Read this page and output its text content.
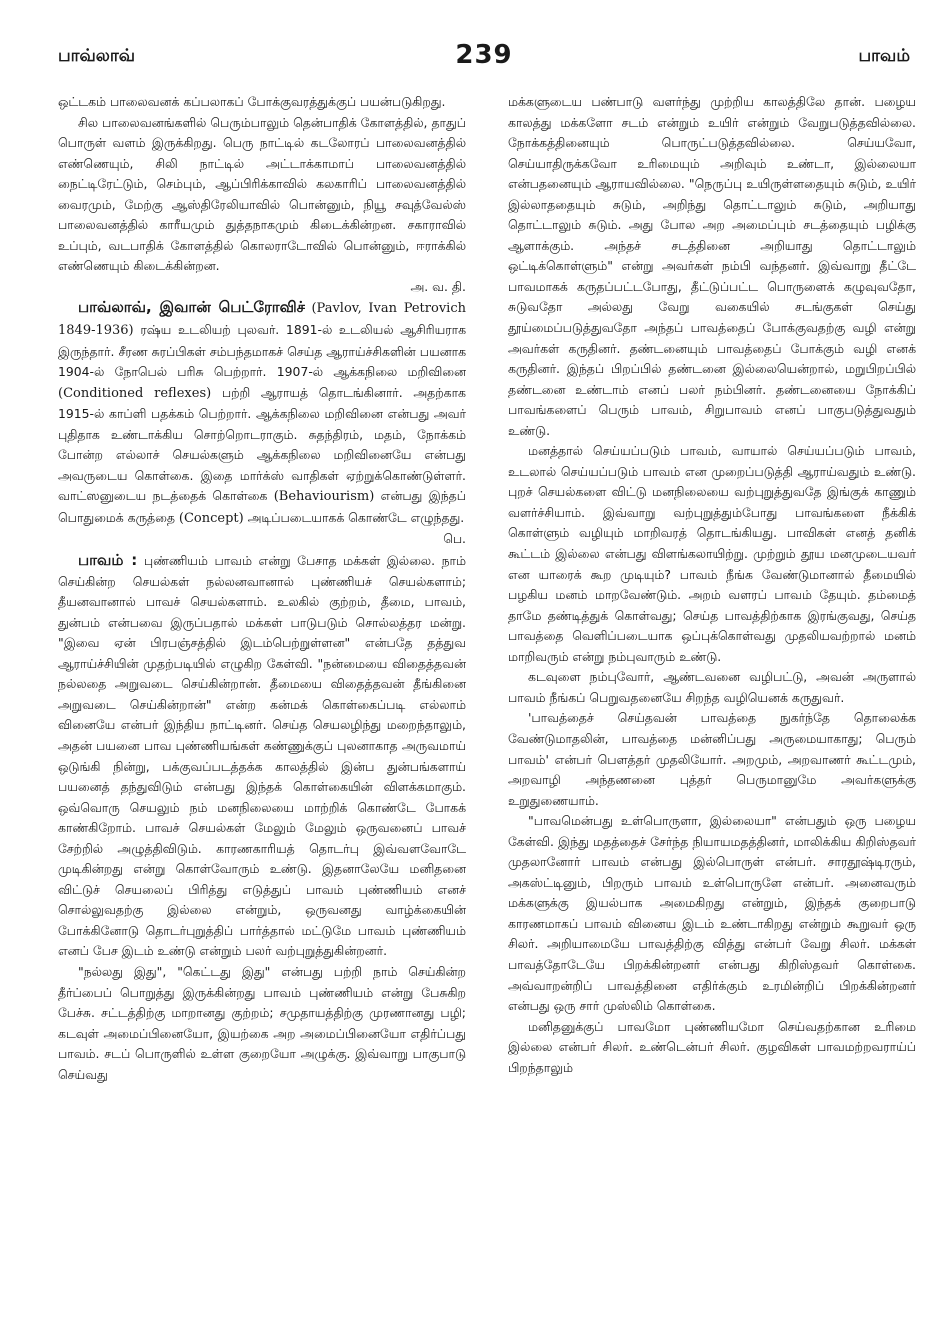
பாவ்லாவ்	239	பாவம்

ஒட்டகம் பாலைவனக் கப்பலாகப் போக்குவரத்துக்குப் பயன்படுகிறது.

சில பாலைவனங்களில் பெரும்பாலும் தென்பாதிக் கோளத்தில், தாதுப் பொருள் வளம் இருக்கிறது. பெரு நாட்டில் கடலோரப் பாலைவனத்தில் எண்ணெயும், சிலி நாட்டில் அட்டாக்காமாப் பாலைவனத்தில் நைட்டிரேட்டும், செம்பும், ஆப்பிரிக்காவில் கலகாரிப் பாலைவனத்தில் வைரமும், மேற்கு ஆஸ்திரேலியாவில் பொன்னும், நியூ சவுத்வேல்ஸ் பாலைவனத்தில் காரீயமும் துத்தநாகமும் கிடைக்கின்றன. சகாராவில் உப்பும், வடபாதிக் கோளத்தில் கொலராடோவில் பொன்னும், ஈராக்கில் எண்ணெயும் கிடைக்கின்றன.
அ. வ. தி.

பாவ்லாவ், இவான் பெட்ரோவிச் (Pavlov, Ivan Petrovich 1849-1936) ரஷ்ய உடலியற் புலவர். 1891-ல் உடலியல் ஆசிரியராக இருந்தார். சீரண சுரப்பிகள் சம்பந்தமாகச் செய்த ஆராய்ச்சிகளின் பயனாக 1904-ல் நோபெல் பரிசு பெற்றார். 1907-ல் ஆக்கநிலை மறிவினை (Conditioned reflexes) பற்றி ஆராயத் தொடங்கினார். அதற்காக 1915-ல் காப்ளி பதக்கம் பெற்றார். ஆக்கநிலை மறிவினை என்பது அவர் புதிதாக உண்டாக்கிய சொற்றொடராகும். சுதந்திரம், மதம், நோக்கம் போன்ற எல்லாச் செயல்களும் ஆக்கநிலை மறிவினையே என்பது அவருடைய கொள்கை. இதை மார்க்ஸ் வாதிகள் ஏற்றுக்கொண்டுள்ளர். வாட்ஸனுடைய நடத்தைக் கொள்கை (Behaviourism) என்பது இந்தப் பொதுமைக் கருத்தை (Concept) அடிப்படையாகக் கொண்டே எழுந்தது.
பெ.

பாவம் : புண்ணியம் பாவம் என்று பேசாத மக்கள் இல்லை. நாம் செய்கின்ற செயல்கள் நல்லனவானால் புண்ணியச் செயல்களாம்; தீயனவானால் பாவச் செயல்களாம். உலகில் குற்றம், தீமை, பாவம், துன்பம் என்பவை இருப்பதால் மக்கள் பாடுபடும் சொல்லத்தர மன்று. "இவை ஏன் பிரபஞ்சத்தில் இடம்பெற்றுள்ளன" என்பதே தத்துவ ஆராய்ச்சியின் முதற்படியில் எழுகிற கேள்வி. "நன்மையை விதைத்தவன் நல்லதை அறுவடை செய்கின்றான். தீமையை விதைத்தவன் தீங்கினை அறுவடை செய்கின்றான்" என்ற கன்மக் கொள்கைப்படி எல்லாம் வினையே என்பர் இந்திய நாட்டினர். செய்த செயலழிந்து மறைந்தாலும், அதன் பயனை பாவ புண்ணியங்கள் கண்ணுக்குப் புலனாகாத அருவமாய் ஒடுங்கி நின்று, பக்குவப்படத்தக்க காலத்தில் இன்ப துன்பங்களாய் பயனைத் தந்துவிடும் என்பது இந்தக் கொள்கையின் விளக்கமாகும். ஒவ்வொரு செயலும் நம் மனநிலையை மாற்றிக் கொண்டே போகக் காண்கிறோம். பாவச் செயல்கள் மேலும் மேலும் ஒருவனைப் பாவச் சேற்றில் அழுத்திவிடும். காரணகாரியத் தொடர்பு இவ்வளவோடே முடிகின்றது என்று கொள்வோரும் உண்டு. இதனாலேயே மனிதனை விட்டுச் செயலைப் பிரித்து எடுத்துப் பாவம் புண்ணியம் எனச் சொல்லுவதற்கு இல்லை என்றும், ஒருவனது வாழ்க்கையின் போக்கினோடு தொடர்புறுத்திப் பார்த்தால் மட்டுமே பாவம் புண்ணியம் எனப் பேச இடம் உண்டு என்றும் பலர் வற்புறுத்துகின்றனர்.

"நல்லது இது", "கெட்டது இது" என்பது பற்றி நாம் செய்கின்ற தீர்ப்பைப் பொறுத்து இருக்கின்றது பாவம் புண்ணியம் என்று பேசுகிற பேச்சு. சட்டத்திற்கு மாறானது குற்றம்; சமுதாயத்திற்கு முரணானது பழி; கடவுள் அமைப்பினையோ, இயற்கை அற அமைப்பினையோ எதிர்ப்பது பாவம். சடப் பொருளில் உள்ள குறையோ அழுக்கு. இவ்வாறு பாகுபாடு செய்வது

மக்களுடைய பண்பாடு வளர்ந்து முற்றிய காலத்திலே தான். பழைய காலத்து மக்களோ சடம் என்றும் உயிர் என்றும் வேறுபடுத்தவில்லை. நோக்கத்தினையும் பொருட்படுத்தவில்லை. செய்யவோ, செய்யாதிருக்கவோ உரிமையும் அறிவும் உண்டா, இல்லையா என்பதனையும் ஆராயவில்லை. "நெருப்பு உயிருள்ளதையும் சுடும், உயிர் இல்லாததையும் சுடும், அறிந்து தொட்டாலும் சுடும், அறியாது தொட்டாலும் சுடும். அது போல அற அமைப்பும் சடத்தையும் பழிக்கு ஆளாக்கும். அந்தச் சடத்தினை அறியாது தொட்டாலும் ஒட்டிக்கொள்ளும்" என்று அவர்கள் நம்பி வந்தனர். இவ்வாறு தீட்டே பாவமாகக் கருதப்பட்டபோது, தீட்டுப்பட்ட பொருளைக் கழுவுவதோ, சுடுவதோ அல்லது வேறு வகையில் சடங்குகள் செய்து தூய்மைப்படுத்துவதோ அந்தப் பாவத்தைப் போக்குவதற்கு வழி என்று அவர்கள் கருதினர். தண்டனையும் பாவத்தைப் போக்கும் வழி எனக் கருதினர். இந்தப் பிறப்பில் தண்டனை இல்லையென்றால், மறுபிறப்பில் தண்டனை உண்டாம் எனப் பலர் நம்பினர். தண்டனையை நோக்கிப் பாவங்களைப் பெரும் பாவம், சிறுபாவம் எனப் பாகுபடுத்துவதும் உண்டு.

மனத்தால் செய்யப்படும் பாவம், வாயால் செய்யப்படும் பாவம், உடலால் செய்யப்படும் பாவம் என முறைப்படுத்தி ஆராய்வதும் உண்டு. புறச் செயல்களை விட்டு மனநிலையை வற்புறுத்துவதே இங்குக் காணும் வளர்ச்சியாம். இவ்வாறு வற்புறுத்தும்போது பாவங்களை நீக்கிக் கொள்ளும் வழியும் மாறிவரத் தொடங்கியது. பாவிகள் எனத் தனிக் கூட்டம் இல்லை என்பது விளங்கலாயிற்று. முற்றும் தூய மனமுடையவர் என யாரைக் கூற முடியும்? பாவம் நீங்க வேண்டுமானால் தீமையில் பழகிய மனம் மாறவேண்டும். அறம் வளரப் பாவம் தேயும். தம்மைத் தாமே தண்டித்துக் கொள்வது; செய்த பாவத்திற்காக இரங்குவது, செய்த பாவத்தை வெளிப்படையாக ஒப்புக்கொள்வது முதலியவற்றால் மனம் மாறிவரும் என்று நம்புவாரும் உண்டு.

கடவுளை நம்புவோர், ஆண்டவனை வழிபட்டு, அவன் அருளால் பாவம் நீங்கப் பெறுவதனையே சிறந்த வழியெனக் கருதுவர்.

'பாவத்தைச் செய்தவன் பாவத்தை நுகர்ந்தே தொலைக்க வேண்டுமாதலின், பாவத்தை மன்னிப்பது அருமையாகாது; பெரும் பாவம்' என்பர் பௌத்தர் முதலியோர். அறமும், அறவாணர் கூட்டமும், அறவாழி அந்தணனை புத்தர் பெருமானுமே அவர்களுக்கு உறுதுணையாம்.

"பாவமென்பது உள்பொருளா, இல்லையா" என்பதும் ஒரு பழைய கேள்வி. இந்து மதத்தைச் சேர்ந்த நியாயமதத்தினர், மாலிக்கிய கிறிஸ்தவர் முதலானோர் பாவம் என்பது இல்பொருள் என்பர். சாரதூஷ்டிரரும், அகஸ்ட்டினும், பிறரும் பாவம் உள்பொருளே என்பர். அனைவரும் மக்களுக்கு இயல்பாக அமைகிறது என்றும், இந்தக் குறைபாடு காரணமாகப் பாவம் வினைய இடம் உண்டாகிறது என்றும் கூறுவர் ஒரு சிலர். அறியாமையே பாவத்திற்கு வித்து என்பர் வேறு சிலர். மக்கள் பாவத்தோடேயே பிறக்கின்றனர் என்பது கிறிஸ்தவர் கொள்கை. அவ்வாறன்றிப் பாவத்தினை எதிர்க்கும் உரமின்றிப் பிறக்கின்றனர் என்பது ஒரு சார் முஸ்லிம் கொள்கை.

மனிதனுக்குப் பாவமோ புண்ணியமோ செய்வதற்கான உரிமை இல்லை என்பர் சிலர். உண்டென்பர் சிலர். குழவிகள் பாவமற்றவராய்ப் பிறந்தாலும்
